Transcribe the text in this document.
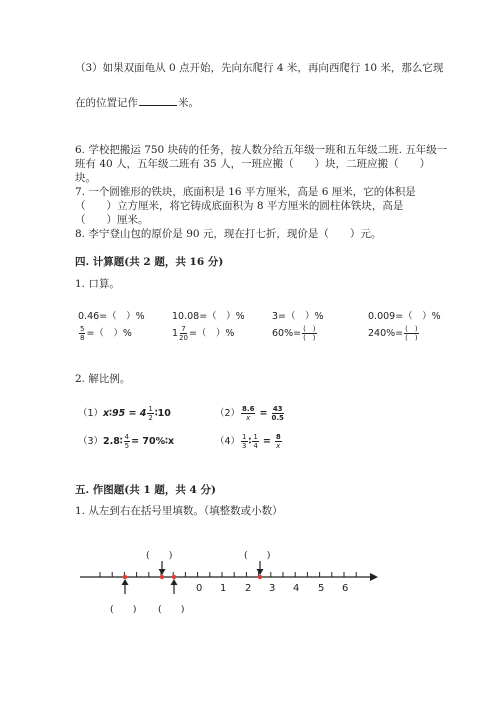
（3）如果双面龟从 0 点开始，先向东爬行 4 米，再向西爬行 10 米，那么它现
在的位置记作	米。
6. 学校把搬运 750 块砖的任务，按人数分给五年级一班和五年级二班. 五年级一
班有 40 人，五年级二班有 35 人，一班应搬（　　）块，二班应搬（　　）
块。
7. 一个圆锥形的铁块，底面积是 16 平方厘米，高是 6 厘米，它的体积是
（　　）立方厘米，将它铸成底面积为 8 平方厘米的圆柱体铁块，高是
（　　）厘米。
8. 李宁登山包的原价是 90 元，现在打七折，现价是（　　）元。
四. 计算题(共 2 题，共 16 分)
1. 口算。
0.46=（　）%	10.08=（　）%	3=（　）%	0.009=（　）%
$\frac{5}{8}$ =（　）%	$1 \frac{7}{20}$ =（　）%	$60\%= \frac{( )}{( )}$	$240\%= \frac{( )}{( )}$
2. 解比例。
（1）x∶95 = $4 \frac{1}{2}$ ∶10	$(2) \frac{8.6}{x} = \frac{43}{0.5}$
（3）2.8∶ $\frac{4}{5}$ = 70%∶x	$(4) \frac{1}{3}$ ∶ $\frac{1}{4} = \frac{8}{x}$
五. 作图题(共 1 题，共 4 分)
1. 从左到右在括号里填数。（填整数或小数）
(　　)	(　　)
(　　) (　　)
0 1 2 3 4 5 6
